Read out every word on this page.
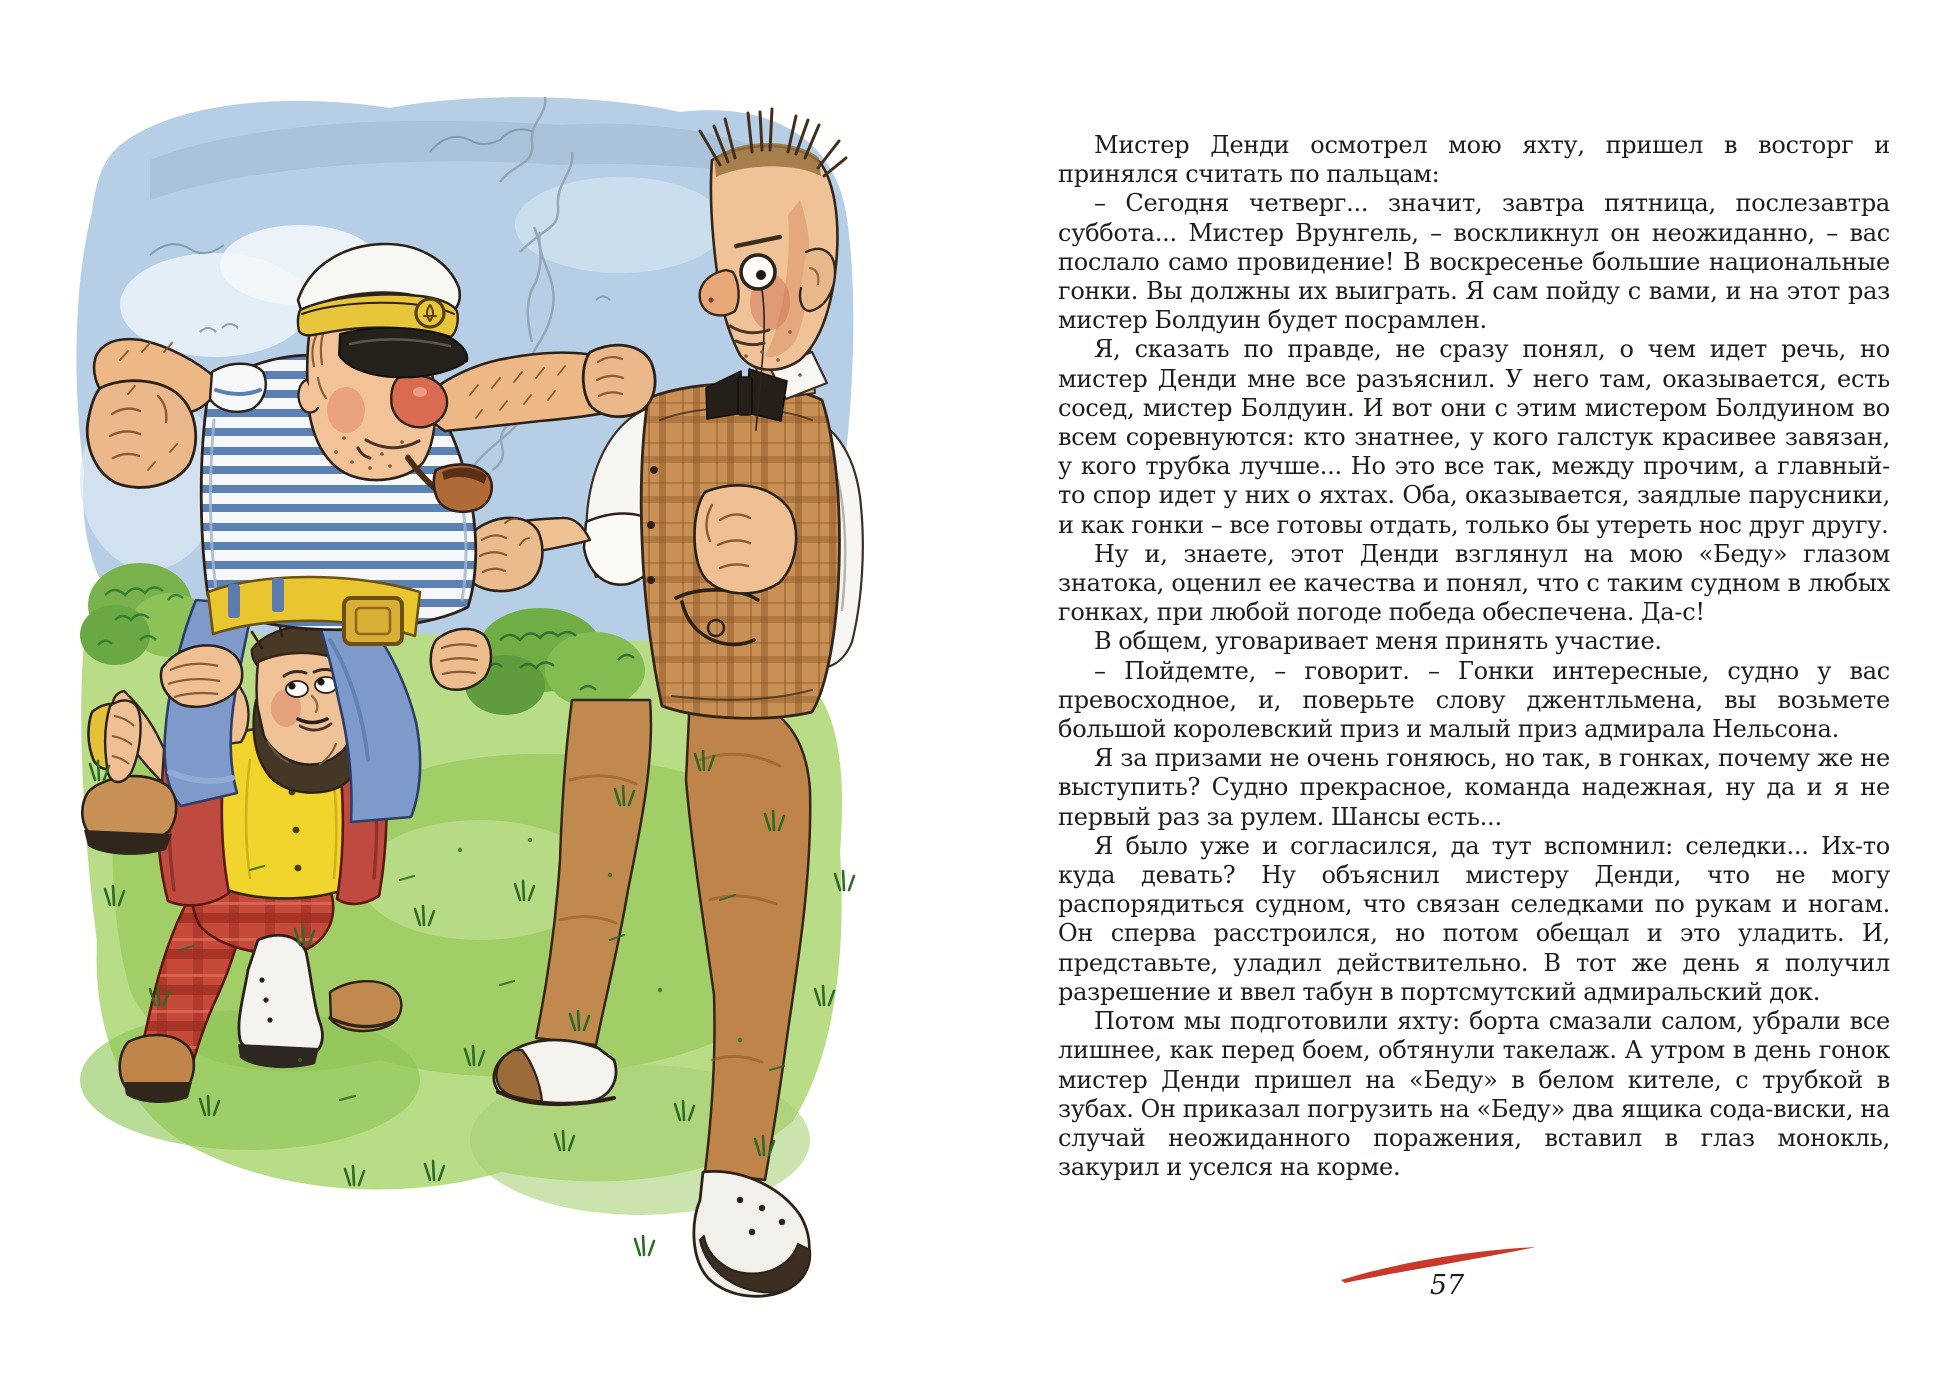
Мистер Денди осмотрел мою яхту, пришел в восторг и принялся считать по пальцам:

– Сегодня четверг... значит, завтра пятница, послезавтра суббота... Мистер Врунгель, – воскликнул он неожиданно, – вас послало само провидение! В воскресенье большие национальные гонки. Вы должны их выиграть. Я сам пойду с вами, и на этот раз мистер Болдуин будет посрамлен.

Я, сказать по правде, не сразу понял, о чем идет речь, но мистер Денди мне все разъяснил. У него там, оказывается, есть сосед, мистер Болдуин. И вот они с этим мистером Болдуином во всем соревнуются: кто знатнее, у кого галстук красивее завязан, у кого трубка лучше... Но это все так, между прочим, а главный-то спор идет у них о яхтах. Оба, оказывается, заядлые парусники, и как гонки – все готовы отдать, только бы утереть нос друг другу.

Ну и, знаете, этот Денди взглянул на мою «Беду» глазом знатока, оценил ее качества и понял, что с таким судном в любых гонках, при любой погоде победа обеспечена. Да-с!

В общем, уговаривает меня принять участие.

– Пойдемте, – говорит. – Гонки интересные, судно у вас превосходное, и, поверьте слову джентльмена, вы возьмете большой королевский приз и малый приз адмирала Нельсона.

Я за призами не очень гоняюсь, но так, в гонках, почему же не выступить? Судно прекрасное, команда надежная, ну да и я не первый раз за рулем. Шансы есть...

Я было уже и согласился, да тут вспомнил: селедки... Их-то куда девать? Ну объяснил мистеру Денди, что не могу распорядиться судном, что связан селедками по рукам и ногам. Он сперва расстроился, но потом обещал и это уладить. И, представьте, уладил действительно. В тот же день я получил разрешение и ввел табун в портсмутский адмиральский док.

Потом мы подготовили яхту: борта смазали салом, убрали все лишнее, как перед боем, обтянули такелаж. А утром в день гонок мистер Денди пришел на «Беду» в белом кителе, с трубкой в зубах. Он приказал погрузить на «Беду» два ящика сода-виски, на случай неожиданного поражения, вставил в глаз монокль, закурил и уселся на корме.

57
